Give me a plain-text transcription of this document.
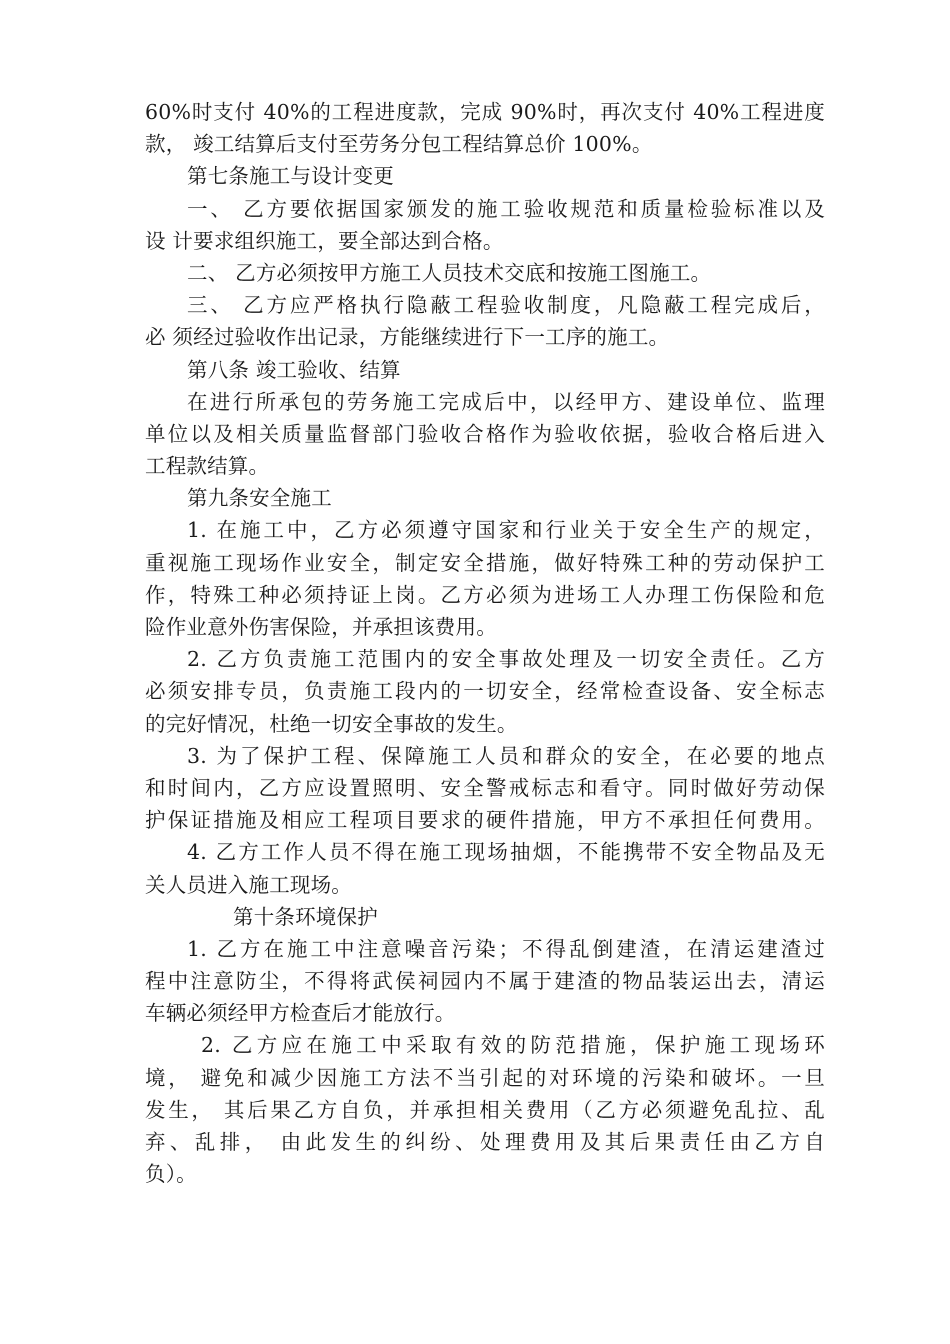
60%时支付 40%的工程进度款，完成 90%时，再次支付 40%工程进度
款， 竣工结算后支付至劳务分包工程结算总价 100%。
第七条施工与设计变更
一、 乙方要依据国家颁发的施工验收规范和质量检验标准以及
设 计要求组织施工，要全部达到合格。
二、 乙方必须按甲方施工人员技术交底和按施工图施工。
三、 乙方应严格执行隐蔽工程验收制度，凡隐蔽工程完成后，
必 须经过验收作出记录，方能继续进行下一工序的施工。
第八条 竣工验收、结算
在进行所承包的劳务施工完成后中，以经甲方、建设单位、监理
单位以及相关质量监督部门验收合格作为验收依据，验收合格后进入
工程款结算。
第九条安全施工
1. 在施工中，乙方必须遵守国家和行业关于安全生产的规定，
重视施工现场作业安全，制定安全措施，做好特殊工种的劳动保护工
作，特殊工种必须持证上岗。乙方必须为进场工人办理工伤保险和危
险作业意外伤害保险，并承担该费用。
2. 乙方负责施工范围内的安全事故处理及一切安全责任。乙方
必须安排专员，负责施工段内的一切安全，经常检查设备、安全标志
的完好情况，杜绝一切安全事故的发生。
3. 为了保护工程、保障施工人员和群众的安全，在必要的地点
和时间内，乙方应设置照明、安全警戒标志和看守。同时做好劳动保
护保证措施及相应工程项目要求的硬件措施，甲方不承担任何费用。
4. 乙方工作人员不得在施工现场抽烟，不能携带不安全物品及无
关人员进入施工现场。
第十条环境保护
1. 乙方在施工中注意噪音污染；不得乱倒建渣，在清运建渣过
程中注意防尘，不得将武侯祠园内不属于建渣的物品装运出去，清运
车辆必须经甲方检查后才能放行。
2. 乙方应在施工中采取有效的防范措施，保护施工现场环
境， 避免和减少因施工方法不当引起的对环境的污染和破坏。一旦
发生， 其后果乙方自负，并承担相关费用（乙方必须避免乱拉、乱
弃、乱排， 由此发生的纠纷、处理费用及其后果责任由乙方自
负）。
